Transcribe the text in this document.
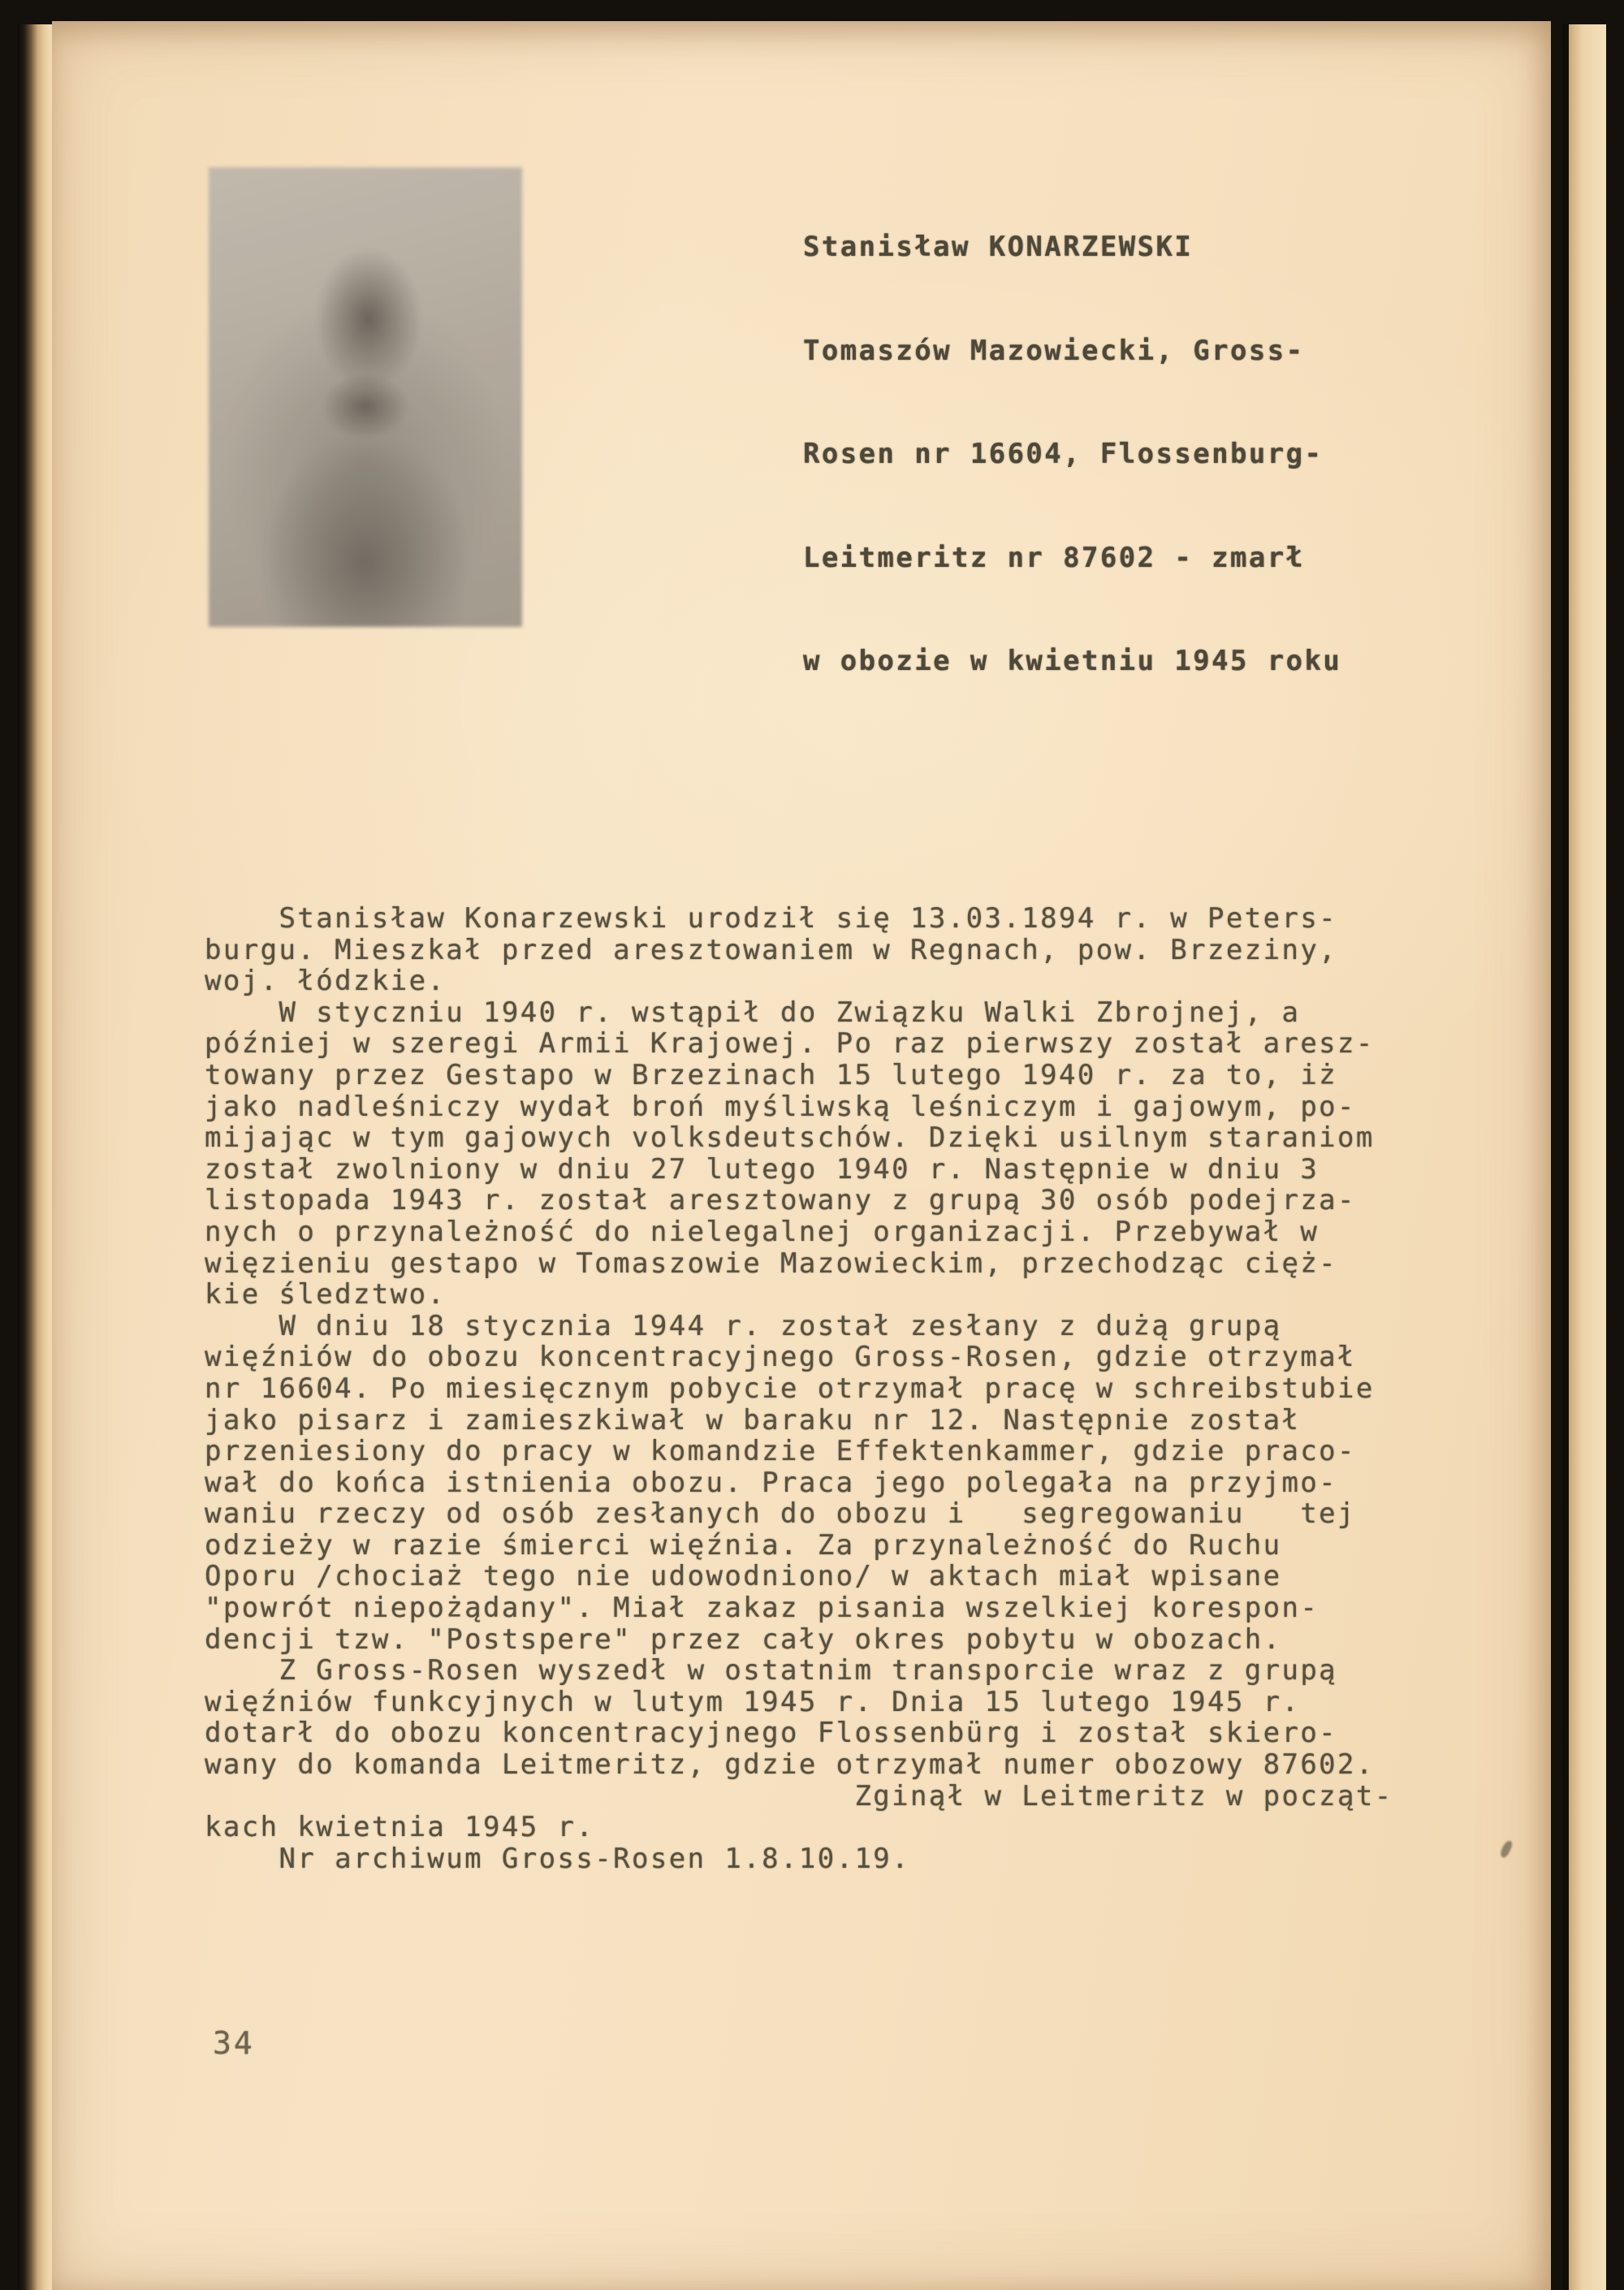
Stanisław KONARZEWSKI

Tomaszów Mazowiecki, Gross-

Rosen nr 16604, Flossenburg-

Leitmeritz nr 87602 - zmarł

w obozie w kwietniu 1945 roku

Stanisław Konarzewski urodził się 13.03.1894 r. w Peters-
burgu. Mieszkał przed aresztowaniem w Regnach, pow. Brzeziny,
woj. łódzkie.
W styczniu 1940 r. wstąpił do Związku Walki Zbrojnej, a
później w szeregi Armii Krajowej. Po raz pierwszy został aresz-
towany przez Gestapo w Brzezinach 15 lutego 1940 r. za to, iż
jako nadleśniczy wydał broń myśliwską leśniczym i gajowym, po-
mijając w tym gajowych volksdeutschów. Dzięki usilnym staraniom
został zwolniony w dniu 27 lutego 1940 r. Następnie w dniu 3
listopada 1943 r. został aresztowany z grupą 30 osób podejrza-
nych o przynależność do nielegalnej organizacji. Przebywał w
więzieniu gestapo w Tomaszowie Mazowieckim, przechodząc cięż-
kie śledztwo.
W dniu 18 stycznia 1944 r. został zesłany z dużą grupą
więźniów do obozu koncentracyjnego Gross-Rosen, gdzie otrzymał
nr 16604. Po miesięcznym pobycie otrzymał pracę w schreibstubie
jako pisarz i zamieszkiwał w baraku nr 12. Następnie został
przeniesiony do pracy w komandzie Effektenkammer, gdzie praco-
wał do końca istnienia obozu. Praca jego polegała na przyjmo-
waniu rzeczy od osób zesłanych do obozu i   segregowaniu   tej
odzieży w razie śmierci więźnia. Za przynależność do Ruchu
Oporu /chociaż tego nie udowodniono/ w aktach miał wpisane
"powrót niepożądany". Miał zakaz pisania wszelkiej korespon-
dencji tzw. "Postspere" przez cały okres pobytu w obozach.
Z Gross-Rosen wyszedł w ostatnim transporcie wraz z grupą
więźniów funkcyjnych w lutym 1945 r. Dnia 15 lutego 1945 r.
dotarł do obozu koncentracyjnego Flossenbürg i został skiero-
wany do komanda Leitmeritz, gdzie otrzymał numer obozowy 87602.
Zginął w Leitmeritz w począt-
kach kwietnia 1945 r.
Nr archiwum Gross-Rosen 1.8.10.19.
34
